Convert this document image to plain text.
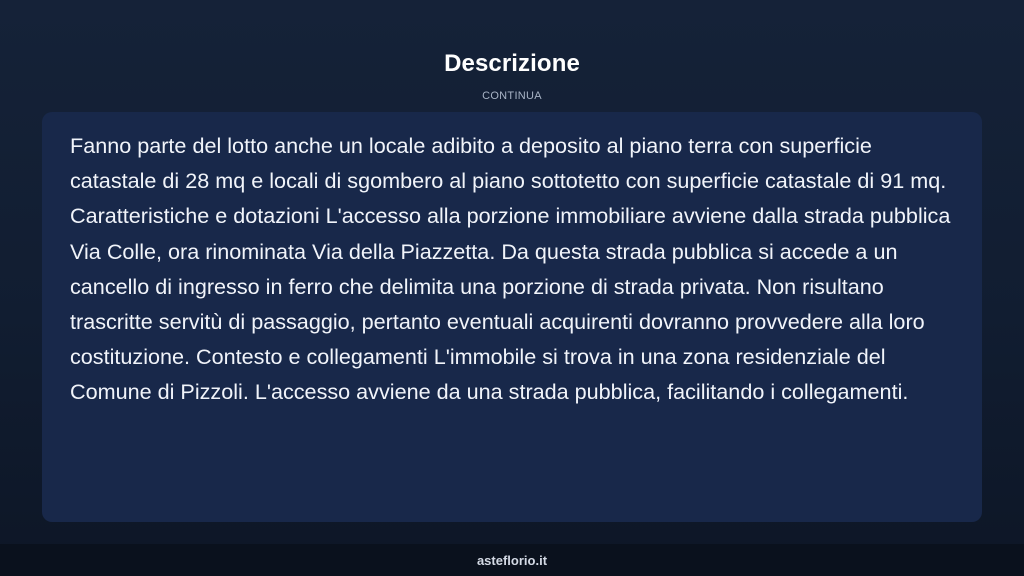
Descrizione
CONTINUA

Fanno parte del lotto anche un locale adibito a deposito al piano terra con superficie catastale di 28 mq e locali di sgombero al piano sottotetto con superficie catastale di 91 mq. Caratteristiche e dotazioni L'accesso alla porzione immobiliare avviene dalla strada pubblica Via Colle, ora rinominata Via della Piazzetta. Da questa strada pubblica si accede a un cancello di ingresso in ferro che delimita una porzione di strada privata. Non risultano trascritte servitù di passaggio, pertanto eventuali acquirenti dovranno provvedere alla loro costituzione. Contesto e collegamenti L'immobile si trova in una zona residenziale del Comune di Pizzoli. L'accesso avviene da una strada pubblica, facilitando i collegamenti.

asteflorio.it
